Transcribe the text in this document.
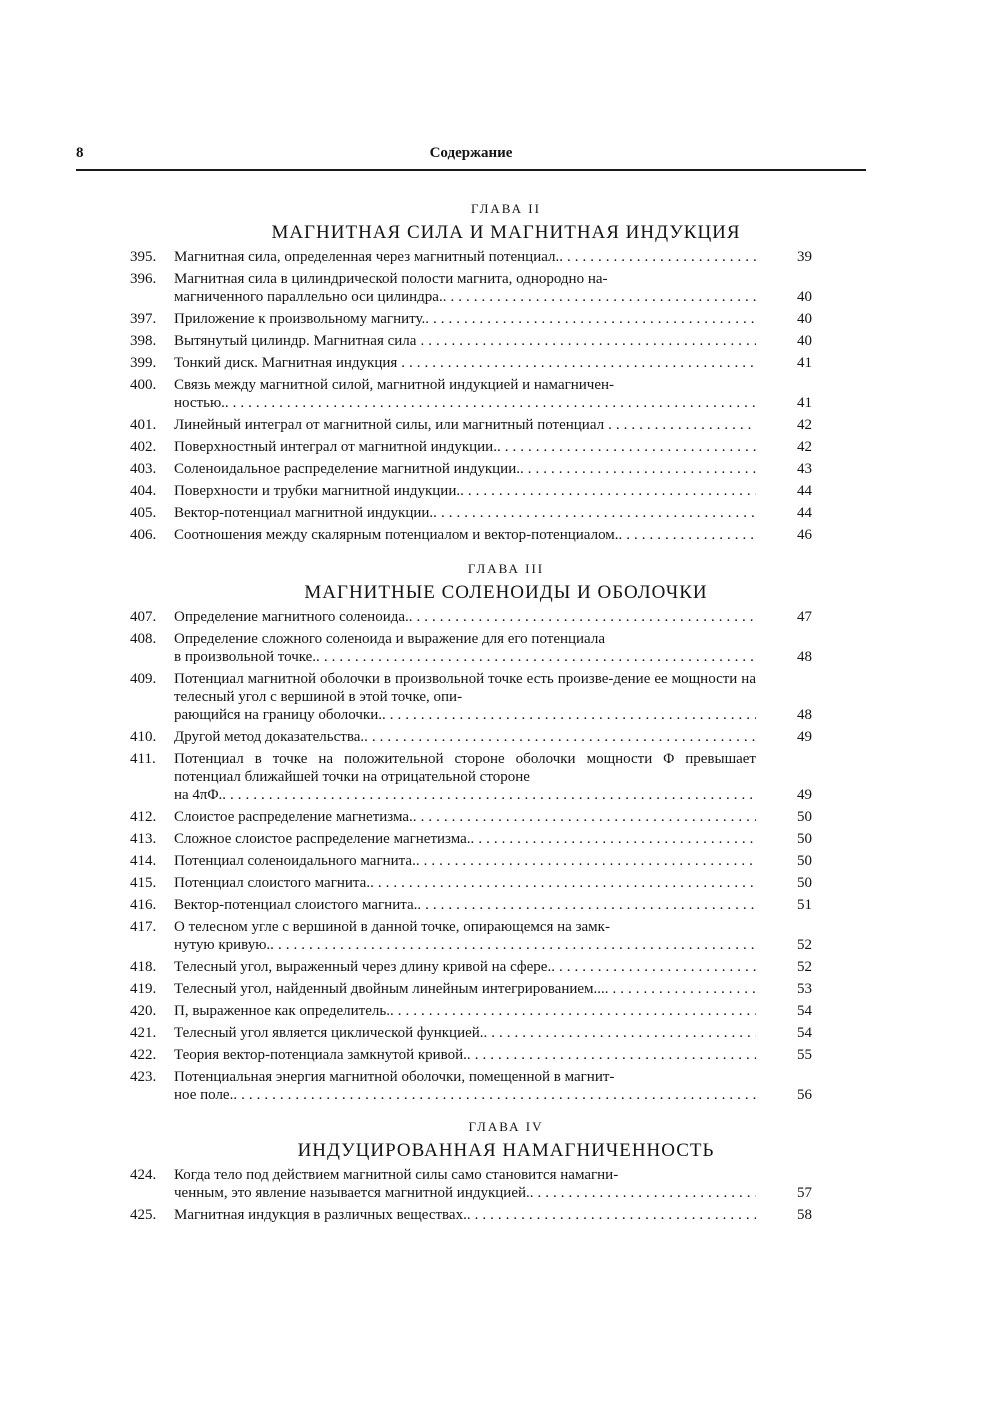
8	Содержание
ГЛАВА II
МАГНИТНАЯ СИЛА И МАГНИТНАЯ ИНДУКЦИЯ
395.	Магнитная сила, определенная через магнитный потенциал.. .....	39
396.	Магнитная сила в цилиндрической полости магнита, однородно на-
магниченного параллельно оси цилиндра.. .....	40
397.	Приложение к произвольному магниту.. .....	40
398.	Вытянутый цилиндр. Магнитная сила .....	40
399.	Тонкий диск. Магнитная индукция .....	41
400.	Связь между магнитной силой, магнитной индукцией и намагничен-
ностью.. .....	41
401.	Линейный интеграл от магнитной силы, или магнитный потенциал .....	42
402.	Поверхностный интеграл от магнитной индукции.. .....	42
403.	Соленоидальное распределение магнитной индукции.. .....	43
404.	Поверхности и трубки магнитной индукции.. .....	44
405.	Вектор-потенциал магнитной индукции.. .....	44
406.	Соотношения между скалярным потенциалом и вектор-потенциалом.. .....	46
ГЛАВА III
МАГНИТНЫЕ СОЛЕНОИДЫ И ОБОЛОЧКИ
407.	Определение магнитного соленоида.. .....	47
408.	Определение сложного соленоида и выражение для его потенциала
в произвольной точке.. .....	48
409.	Потенциал магнитной оболочки в произвольной точке есть произве-дение ее мощности на телесный угол с вершиной в этой точке, опи-
рающийся на границу оболочки.. .....	48
410.	Другой метод доказательства.. .....	49
411.	Потенциал в точке на положительной стороне оболочки мощности Φ превышает потенциал ближайшей точки на отрицательной стороне
на 4πΦ.. .....	49
412.	Слоистое распределение магнетизма.. .....	50
413.	Сложное слоистое распределение магнетизма.. .....	50
414.	Потенциал соленоидального магнита.. .....	50
415.	Потенциал слоистого магнита.. .....	50
416.	Вектор-потенциал слоистого магнита.. .....	51
417.	О телесном угле с вершиной в данной точке, опирающемся на замк-
нутую кривую.. .....	52
418.	Телесный угол, выраженный через длину кривой на сфере.. .....	52
419.	Телесный угол, найденный двойным линейным интегрированием.... .....	53
420.	П, выраженное как определитель.. .....	54
421.	Телесный угол является циклической функцией.. .....	54
422.	Теория вектор-потенциала замкнутой кривой.. .....	55
423.	Потенциальная энергия магнитной оболочки, помещенной в магнит-
ное поле.. .....	56
ГЛАВА IV
ИНДУЦИРОВАННАЯ НАМАГНИЧЕННОСТЬ
424.	Когда тело под действием магнитной силы само становится намагни-
ченным, это явление называется магнитной индукцией.. .....	57
425.	Магнитная индукция в различных веществах.. .....	58
